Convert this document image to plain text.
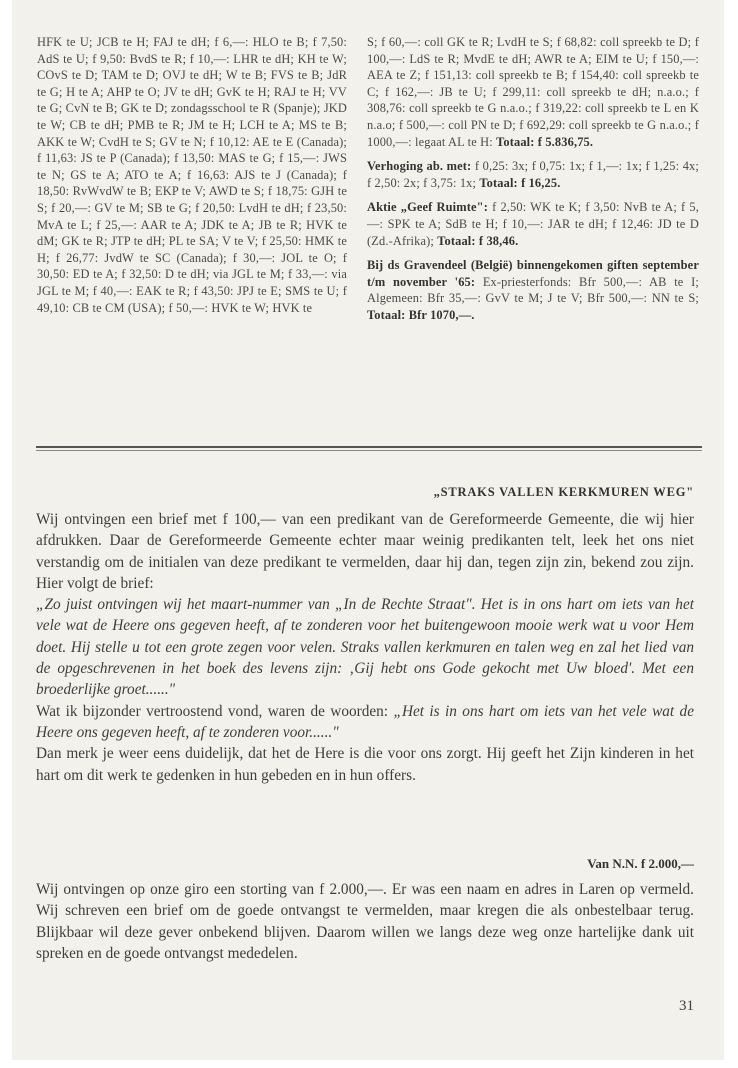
HFK te U; JCB te H; FAJ te dH; f 6,—: HLO te B; f 7,50: AdS te U; f 9,50: BvdS te R; f 10,—: LHR te dH; KH te W; COvS te D; TAM te D; OVJ te dH; W te B; FVS te B; JdR te G; H te A; AHP te O; JV te dH; GvK te H; RAJ te H; VV te G; CvN te B; GK te D; zondagsschool te R (Spanje); JKD te W; CB te dH; PMB te R; JM te H; LCH te A; MS te B; AKK te W; CvdH te S; GV te N; f 10,12: AE te E (Canada); f 11,63: JS te P (Canada); f 13,50: MAS te G; f 15,—: JWS te N; GS te A; ATO te A; f 16,63: AJS te J (Canada); f 18,50: RvWvdW te B; EKP te V; AWD te S; f 18,75: GJH te S; f 20,—: GV te M; SB te G; f 20,50: LvdH te dH; f 23,50: MvA te L; f 25,—: AAR te A; JDK te A; JB te R; HVK te dM; GK te R; JTP te dH; PL te SA; V te V; f 25,50: HMK te H; f 26,77: JvdW te SC (Canada); f 30,—: JOL te O; f 30,50: ED te A; f 32,50: D te dH; via JGL te M; f 33,—: via JGL te M; f 40,—: EAK te R; f 43,50: JPJ te E; SMS te U; f 49,10: CB te CM (USA); f 50,—: HVK te W; HVK te

S; f 60,—: coll GK te R; LvdH te S; f 68,82: coll spreekb te D; f 100,—: LdS te R; MvdE te dH; AWR te A; EIM te U; f 150,—: AEA te Z; f 151,13: coll spreekb te B; f 154,40: coll spreekb te C; f 162,—: JB te U; f 299,11: coll spreekb te dH; n.a.o.; f 308,76: coll spreekb te G n.a.o.; f 319,22: coll spreekb te L en K n.a.o; f 500,—: coll PN te D; f 692,29: coll spreekb te G n.a.o.; f 1000,—: legaat AL te H: Totaal: f 5.836,75.

Verhoging ab. met: f 0,25: 3x; f 0,75: 1x; f 1,—: 1x; f 1,25: 4x; f 2,50: 2x; f 3,75: 1x; Totaal: f 16,25.

Aktie „Geef Ruimte": f 2,50: WK te K; f 3,50: NvB te A; f 5,—: SPK te A; SdB te H; f 10,—: JAR te dH; f 12,46: JD te D (Zd.-Afrika); Totaal: f 38,46.

Bij ds Gravendeel (België) binnengekomen giften september t/m november '65: Ex-priesterfonds: Bfr 500,—: AB te I; Algemeen: Bfr 35,—: GvV te M; J te V; Bfr 500,—: NN te S; Totaal: Bfr 1070,—.

„STRAKS VALLEN KERKMUREN WEG"

Wij ontvingen een brief met f 100,— van een predikant van de Gereformeerde Gemeente, die wij hier afdrukken. Daar de Gereformeerde Gemeente echter maar weinig predikanten telt, leek het ons niet verstandig om de initialen van deze predikant te vermelden, daar hij dan, tegen zijn zin, bekend zou zijn. Hier volgt de brief:

„Zo juist ontvingen wij het maart-nummer van „In de Rechte Straat". Het is in ons hart om iets van het vele wat de Heere ons gegeven heeft, af te zonderen voor het buitengewoon mooie werk wat u voor Hem doet. Hij stelle u tot een grote zegen voor velen. Straks vallen kerkmuren en talen weg en zal het lied van de opgeschrevenen in het boek des levens zijn: ‚Gij hebt ons Gode gekocht met Uw bloed'. Met een broederlijke groet......"

Wat ik bijzonder vertroostend vond, waren de woorden: „Het is in ons hart om iets van het vele wat de Heere ons gegeven heeft, af te zonderen voor......"

Dan merk je weer eens duidelijk, dat het de Here is die voor ons zorgt. Hij geeft het Zijn kinderen in het hart om dit werk te gedenken in hun gebeden en in hun offers.

Van N.N. f 2.000,—

Wij ontvingen op onze giro een storting van f 2.000,—. Er was een naam en adres in Laren op vermeld. Wij schreven een brief om de goede ontvangst te vermelden, maar kregen die als onbestelbaar terug. Blijkbaar wil deze gever onbekend blijven. Daarom willen we langs deze weg onze hartelijke dank uit spreken en de goede ontvangst mededelen.

31
